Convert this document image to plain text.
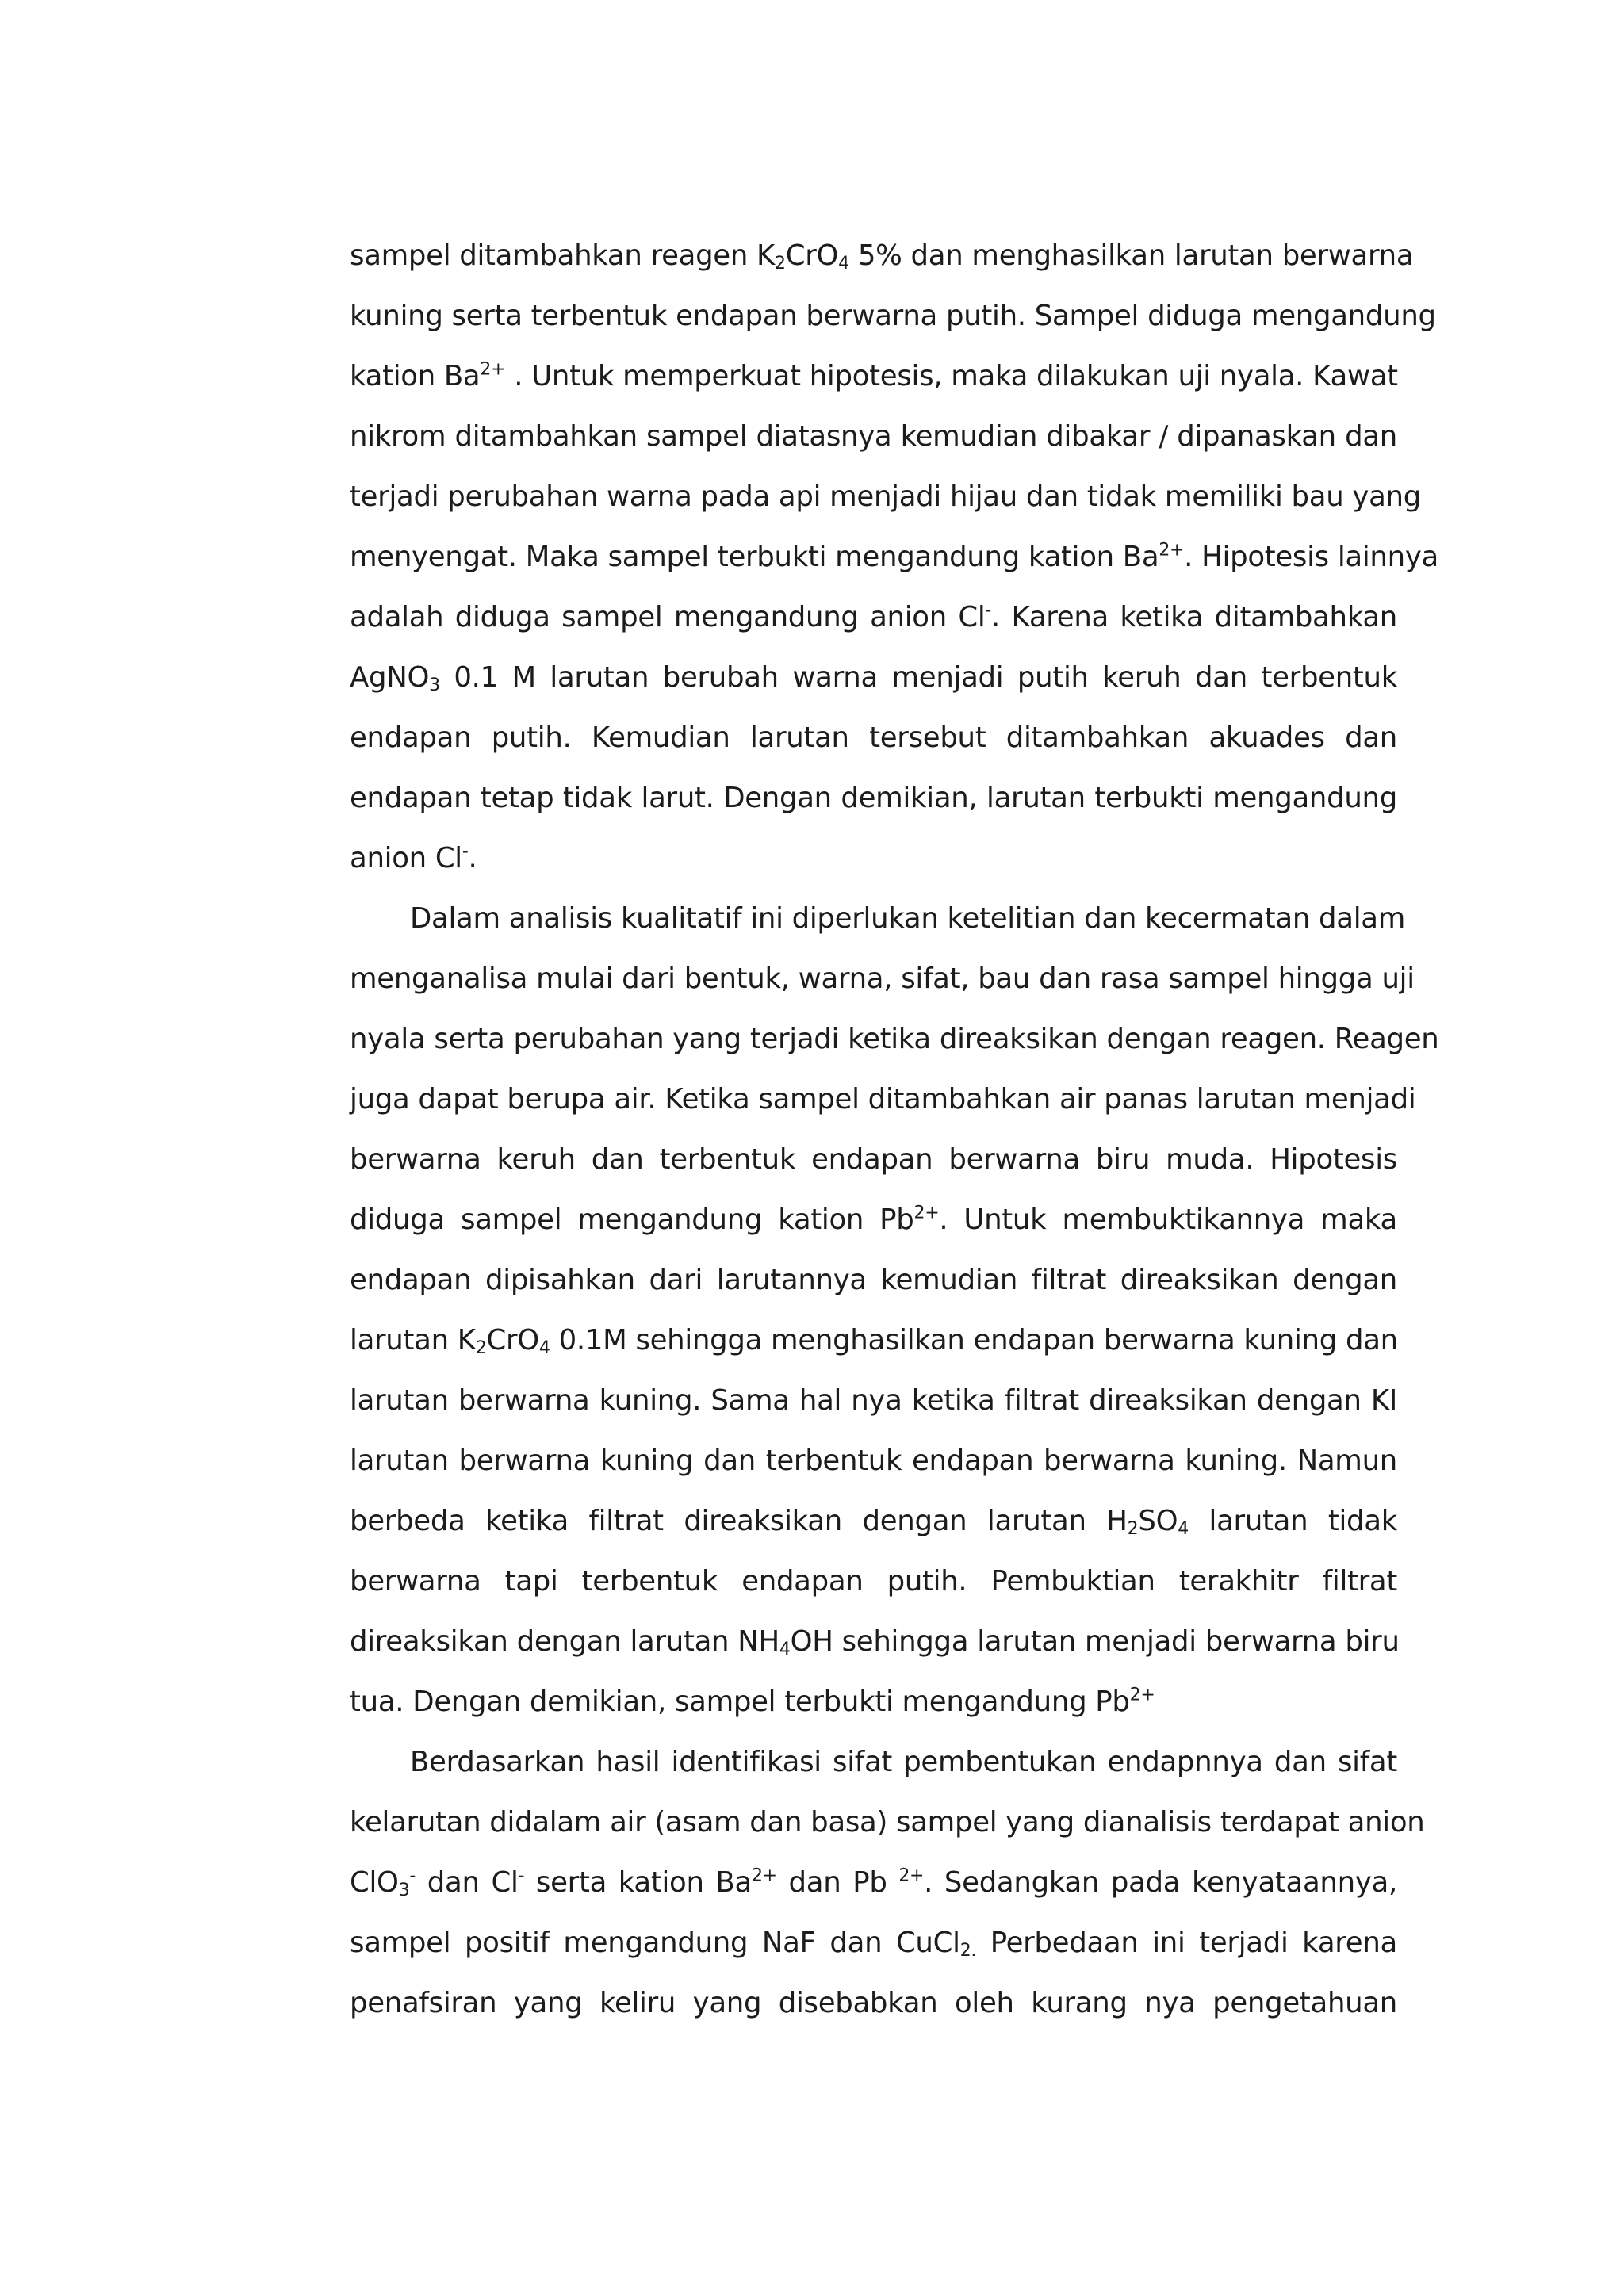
sampel ditambahkan reagen $K_2CrO_4$ 5% dan menghasilkan larutan berwarna
kuning serta terbentuk endapan berwarna putih. Sampel diduga mengandung
kation $Ba^{2+}$ . Untuk memperkuat hipotesis, maka dilakukan uji nyala. Kawat
nikrom ditambahkan sampel diatasnya kemudian dibakar / dipanaskan dan
terjadi perubahan warna pada api menjadi hijau dan tidak memiliki bau yang
menyengat. Maka sampel terbukti mengandung kation $Ba^{2+}$. Hipotesis lainnya
adalah diduga sampel mengandung anion Cl-. Karena ketika ditambahkan
AgNO$_3$ 0.1 M larutan berubah warna menjadi putih keruh dan terbentuk
endapan putih. Kemudian larutan tersebut ditambahkan akuades dan
endapan tetap tidak larut. Dengan demikian, larutan terbukti mengandung
anion Cl-.
Dalam analisis kualitatif ini diperlukan ketelitian dan kecermatan dalam
menganalisa mulai dari bentuk, warna, sifat, bau dan rasa sampel hingga uji
nyala serta perubahan yang terjadi ketika direaksikan dengan reagen. Reagen
juga dapat berupa air. Ketika sampel ditambahkan air panas larutan menjadi
berwarna keruh dan terbentuk endapan berwarna biru muda. Hipotesis
diduga sampel mengandung kation $Pb^{2+}$. Untuk membuktikannya maka
endapan dipisahkan dari larutannya kemudian filtrat direaksikan dengan
larutan $K_2CrO_4$ 0.1M sehingga menghasilkan endapan berwarna kuning dan
larutan berwarna kuning. Sama hal nya ketika filtrat direaksikan dengan KI
larutan berwarna kuning dan terbentuk endapan berwarna kuning. Namun
berbeda ketika filtrat direaksikan dengan larutan $H_2SO_4$ larutan tidak
berwarna tapi terbentuk endapan putih. Pembuktian terakhitr filtrat
direaksikan dengan larutan $NH_4OH$ sehingga larutan menjadi berwarna biru
tua. Dengan demikian, sampel terbukti mengandung $Pb^{2+}$
Berdasarkan hasil identifikasi sifat pembentukan endapnnya dan sifat
kelarutan didalam air (asam dan basa) sampel yang dianalisis terdapat anion
ClO$_3$- dan Cl- serta kation $Ba^{2+}$ dan Pb $^{2+}$. Sedangkan pada kenyataannya,
sampel positif mengandung NaF dan CuCl$_{2.}$ Perbedaan ini terjadi karena
penafsiran yang keliru yang disebabkan oleh kurang nya pengetahuan
